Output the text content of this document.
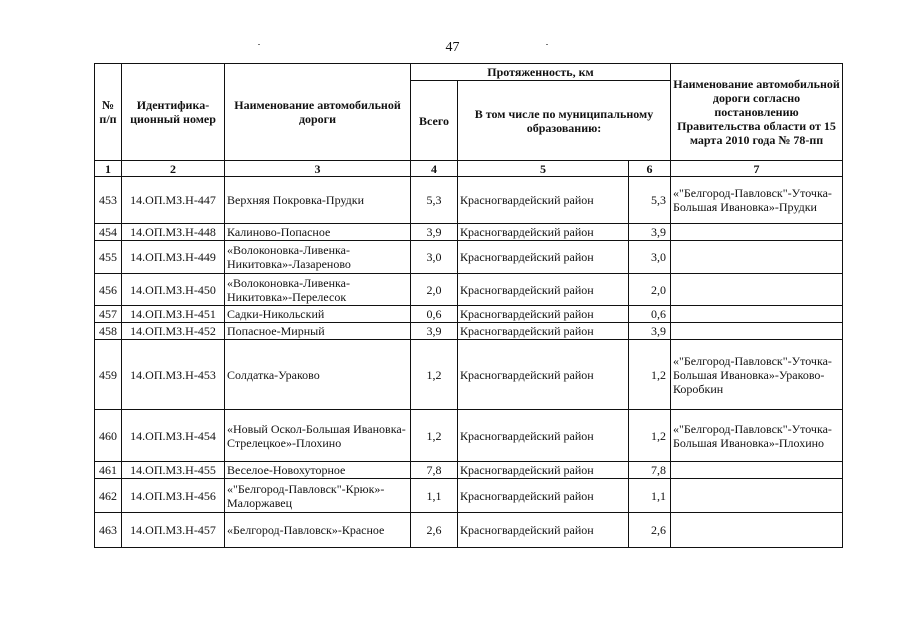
47
№ п/п	Идентифика-ционный номер	Наименование автомобильной дороги	Протяженность, км			Наименование автомобильной дороги согласно постановлению Правительства области от 15 марта 2010 года № 78-пп
			Всего	В том числе по муниципальному образованию:		
1	2	3	4	5	6	7
453	14.ОП.МЗ.Н-447	Верхняя Покровка-Прудки	5,3	Красногвардейский район	5,3	«"Белгород-Павловск"-Уточка-Большая Ивановка»-Прудки
454	14.ОП.МЗ.Н-448	Калиново-Попасное	3,9	Красногвардейский район	3,9	
455	14.ОП.МЗ.Н-449	«Волоконовка-Ливенка-Никитовка»-Лазареново	3,0	Красногвардейский район	3,0	
456	14.ОП.МЗ.Н-450	«Волоконовка-Ливенка-Никитовка»-Перелесок	2,0	Красногвардейский район	2,0	
457	14.ОП.МЗ.Н-451	Садки-Никольский	0,6	Красногвардейский район	0,6	
458	14.ОП.МЗ.Н-452	Попасное-Мирный	3,9	Красногвардейский район	3,9	
459	14.ОП.МЗ.Н-453	Солдатка-Ураково	1,2	Красногвардейский район	1,2	«"Белгород-Павловск"-Уточка-Большая Ивановка»-Ураково-Коробкин
460	14.ОП.МЗ.Н-454	«Новый Оскол-Большая Ивановка-Стрелецкое»-Плохино	1,2	Красногвардейский район	1,2	«"Белгород-Павловск"-Уточка-Большая Ивановка»-Плохино
461	14.ОП.МЗ.Н-455	Веселое-Новохуторное	7,8	Красногвардейский район	7,8	
462	14.ОП.МЗ.Н-456	«"Белгород-Павловск"-Крюк»-Малоржавец	1,1	Красногвардейский район	1,1	
463	14.ОП.МЗ.Н-457	«Белгород-Павловск»-Красное	2,6	Красногвардейский район	2,6	
